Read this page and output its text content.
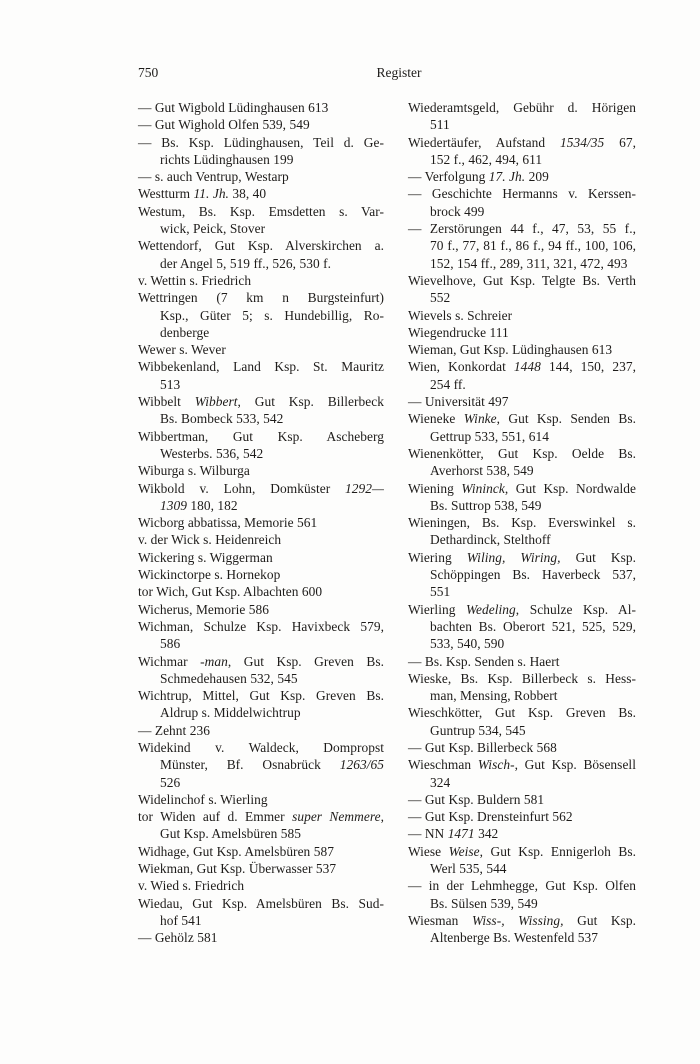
750	Register
— Gut Wigbold Lüdinghausen 613
— Gut Wighold Olfen 539, 549
— Bs. Ksp. Lüdinghausen, Teil d. Ge-
richts Lüdinghausen 199
— s. auch Ventrup, Westarp
Westturm 11. Jh. 38, 40
Westum, Bs. Ksp. Emsdetten s. Var-
wick, Peick, Stover
Wettendorf, Gut Ksp. Alverskirchen a.
der Angel 5, 519 ff., 526, 530 f.
v. Wettin s. Friedrich
Wettringen (7 km n Burgsteinfurt)
Ksp., Güter 5; s. Hundebillig, Ro-
denberge
Wewer s. Wever
Wibbekenland, Land Ksp. St. Mauritz
513
Wibbelt Wibbert, Gut Ksp. Billerbeck
Bs. Bombeck 533, 542
Wibbertman, Gut Ksp. Ascheberg
Westerbs. 536, 542
Wiburga s. Wilburga
Wikbold v. Lohn, Domküster 1292—
1309 180, 182
Wicborg abbatissa, Memorie 561
v. der Wick s. Heidenreich
Wickering s. Wiggerman
Wickinctorpe s. Hornekop
tor Wich, Gut Ksp. Albachten 600
Wicherus, Memorie 586
Wichman, Schulze Ksp. Havixbeck 579,
586
Wichmar -man, Gut Ksp. Greven Bs.
Schmedehausen 532, 545
Wichtrup, Mittel, Gut Ksp. Greven Bs.
Aldrup s. Middelwichtrup
— Zehnt 236
Widekind v. Waldeck, Dompropst
Münster, Bf. Osnabrück 1263/65
526
Widelinchof s. Wierling
tor Widen auf d. Emmer super Nemmere,
Gut Ksp. Amelsbüren 585
Widhage, Gut Ksp. Amelsbüren 587
Wiekman, Gut Ksp. Überwasser 537
v. Wied s. Friedrich
Wiedau, Gut Ksp. Amelsbüren Bs. Sud-
hof 541
— Gehölz 581
Wiederamtsgeld, Gebühr d. Hörigen
511
Wiedertäufer, Aufstand 1534/35 67,
152 f., 462, 494, 611
— Verfolgung 17. Jh. 209
— Geschichte Hermanns v. Kerssen-
brock 499
— Zerstörungen 44 f., 47, 53, 55 f.,
70 f., 77, 81 f., 86 f., 94 ff., 100, 106,
152, 154 ff., 289, 311, 321, 472, 493
Wievelhove, Gut Ksp. Telgte Bs. Verth
552
Wievels s. Schreier
Wiegendrucke 111
Wieman, Gut Ksp. Lüdinghausen 613
Wien, Konkordat 1448 144, 150, 237,
254 ff.
— Universität 497
Wieneke Winke, Gut Ksp. Senden Bs.
Gettrup 533, 551, 614
Wienenkötter, Gut Ksp. Oelde Bs.
Averhorst 538, 549
Wiening Wininck, Gut Ksp. Nordwalde
Bs. Suttrop 538, 549
Wieningen, Bs. Ksp. Everswinkel s.
Dethardinck, Stelthoff
Wiering Wiling, Wiring, Gut Ksp.
Schöppingen Bs. Haverbeck 537,
551
Wierling Wedeling, Schulze Ksp. Al-
bachten Bs. Oberort 521, 525, 529,
533, 540, 590
— Bs. Ksp. Senden s. Haert
Wieske, Bs. Ksp. Billerbeck s. Hess-
man, Mensing, Robbert
Wieschkötter, Gut Ksp. Greven Bs.
Guntrup 534, 545
— Gut Ksp. Billerbeck 568
Wieschman Wisch-, Gut Ksp. Bösensell
324
— Gut Ksp. Buldern 581
— Gut Ksp. Drensteinfurt 562
— NN 1471 342
Wiese Weise, Gut Ksp. Ennigerloh Bs.
Werl 535, 544
— in der Lehmhegge, Gut Ksp. Olfen
Bs. Sülsen 539, 549
Wiesman Wiss-, Wissing, Gut Ksp.
Altenberge Bs. Westenfeld 537
